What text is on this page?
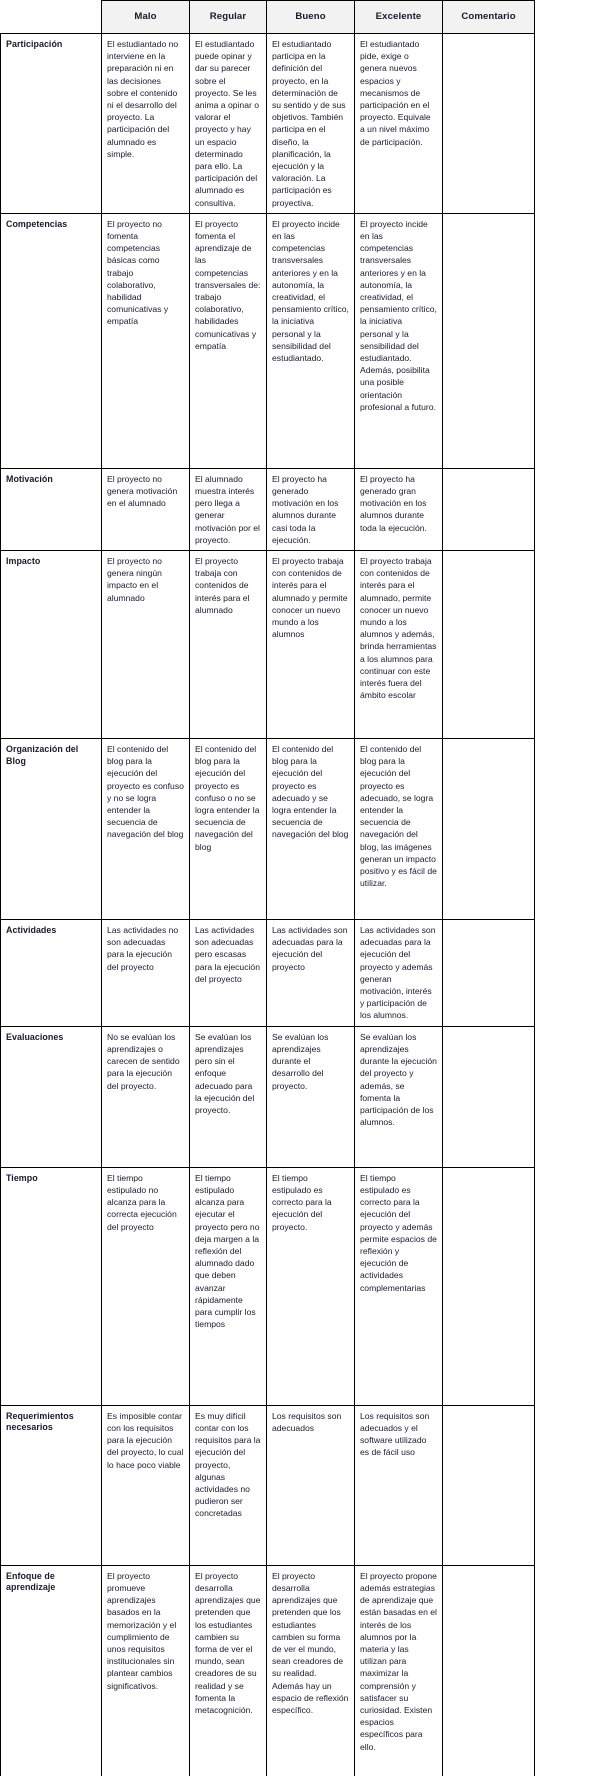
	Malo	Regular	Bueno	Excelente	Comentario
Participación	El estudiantado no interviene en la preparación ni en las decisiones sobre el contenido ni el desarrollo del proyecto. La participación del alumnado es simple.	El estudiantado puede opinar y dar su parecer sobre el proyecto. Se les anima a opinar o valorar el proyecto y hay un espacio determinado para ello. La participación del alumnado es consultiva.	El estudiantado participa en la definición del proyecto, en la determinación de su sentido y de sus objetivos. También participa en el diseño, la planificación, la ejecución y la valoración. La participación es proyectiva.	El estudiantado pide, exige o genera nuevos espacios y mecanismos de participación en el proyecto. Equivale a un nivel máximo de participación.	
Competencias	El proyecto no fomenta competencias básicas como trabajo colaborativo, habilidad comunicativas y empatía	El proyecto fomenta el aprendizaje de las competencias transversales de: trabajo colaborativo, habilidades comunicativas y empatía	El proyecto incide en las competencias transversales anteriores y en la autonomía, la creatividad, el pensamiento crítico, la iniciativa personal y la sensibilidad del estudiantado.	El proyecto incide en las competencias transversales anteriores y en la autonomía, la creatividad, el pensamiento crítico, la iniciativa personal y la sensibilidad del estudiantado. Además, posibilita una posible orientación profesional a futuro.	
Motivación	El proyecto no genera motivación en el alumnado	El alumnado muestra interés pero llega a generar motivación por el proyecto.	El proyecto ha generado motivación en los alumnos durante casi toda la ejecución.	El proyecto ha generado gran motivación en los alumnos durante toda la ejecución.	
Impacto	El proyecto no genera ningún impacto en el alumnado	El proyecto trabaja con contenidos de interés para el alumnado	El proyecto trabaja con contenidos de interés para el alumnado y permite conocer un nuevo mundo a los alumnos	El proyecto trabaja con contenidos de interés para el alumnado, permite conocer un nuevo mundo a los alumnos y además, brinda herramientas a los alumnos para continuar con este interés fuera del ámbito escolar	
Organización del Blog	El contenido del blog para la ejecución del proyecto es confuso y no se logra entender la secuencia de navegación del blog	El contenido del blog para la ejecución del proyecto es confuso o no se logra entender la secuencia de navegación del blog	El contenido del blog para la ejecución del proyecto es adecuado y se logra entender la secuencia de navegación del blog	El contenido del blog para la ejecución del proyecto es adecuado, se logra entender la secuencia de navegación del blog, las imágenes generan un impacto positivo y es fácil de utilizar.	
Actividades	Las actividades no son adecuadas para la ejecución del proyecto	Las actividades son adecuadas pero escasas para la ejecución del proyecto	Las actividades son adecuadas para la ejecución del proyecto	Las actividades son adecuadas para la ejecución del proyecto y además generan motivación, interés y participación de los alumnos.	
Evaluaciones	No se evalúan los aprendizajes o carecen de sentido para la ejecución del proyecto.	Se evalúan los aprendizajes pero sin el enfoque adecuado para la ejecución del proyecto.	Se evalúan los aprendizajes durante el desarrollo del proyecto.	Se evalúan los aprendizajes durante la ejecución del proyecto y además, se fomenta la participación de los alumnos.	
Tiempo	El tiempo estipulado no alcanza para la correcta ejecución del proyecto	El tiempo estipulado alcanza para ejecutar el proyecto pero no deja margen a la reflexión del alumnado dado que deben avanzar rápidamente para cumplir los tiempos	El tiempo estipulado es correcto para la ejecución del proyecto.	El tiempo estipulado es correcto para la ejecución del proyecto y además permite espacios de reflexión y ejecución de actividades complementarias	
Requerimientos necesarios	Es imposible contar con los requisitos para la ejecución del proyecto, lo cual lo hace poco viable	Es muy difícil contar con los requisitos para la ejecución del proyecto, algunas actividades no pudieron ser concretadas	Los requisitos son adecuados	Los requisitos son adecuados y el software utilizado es de fácil uso	
Enfoque de aprendizaje	El proyecto promueve aprendizajes basados en la memorización y el cumplimiento de unos requisitos institucionales sin plantear cambios significativos.	El proyecto desarrolla aprendizajes que pretenden que los estudiantes cambien su forma de ver el mundo, sean creadores de su realidad y se fomenta la metacognición.	El proyecto desarrolla aprendizajes que pretenden que los estudiantes cambien su forma de ver el mundo, sean creadores de su realidad. Además hay un espacio de reflexión específico.	El proyecto propone además estrategias de aprendizaje que están basadas en el interés de los alumnos por la materia y las utilizan para maximizar la comprensión y satisfacer su curiosidad. Existen espacios específicos para ello.	
